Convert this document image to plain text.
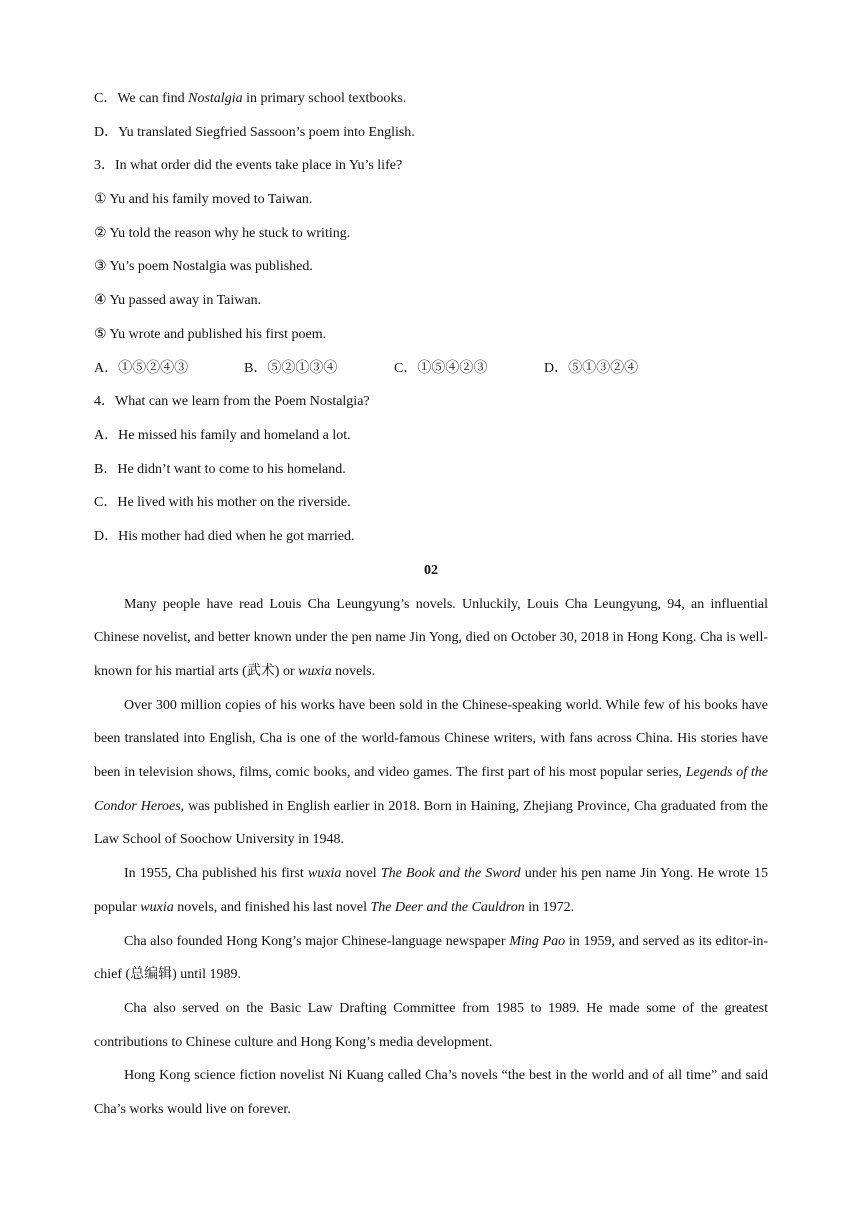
C．We can find Nostalgia in primary school textbooks.
D．Yu translated Siegfried Sassoon’s poem into English.
3．In what order did the events take place in Yu’s life?
① Yu and his family moved to Taiwan.
② Yu told the reason why he stuck to writing.
③ Yu’s poem Nostalgia was published.
④ Yu passed away in Taiwan.
⑤ Yu wrote and published his first poem.
A．①⑤②④③	B．⑤②①③④	C．①⑤④②③	D．⑤①③②④
4．What can we learn from the Poem Nostalgia?
A．He missed his family and homeland a lot.
B．He didn’t want to come to his homeland.
C．He lived with his mother on the riverside.
D．His mother had died when he got married.
02

Many people have read Louis Cha Leungyung’s novels. Unluckily, Louis Cha Leungyung, 94, an influential Chinese novelist, and better known under the pen name Jin Yong, died on October 30, 2018 in Hong Kong. Cha is well-known for his martial arts (武术) or wuxia novels.

Over 300 million copies of his works have been sold in the Chinese-speaking world. While few of his books have been translated into English, Cha is one of the world-famous Chinese writers, with fans across China. His stories have been in television shows, films, comic books, and video games. The first part of his most popular series, Legends of the Condor Heroes, was published in English earlier in 2018. Born in Haining, Zhejiang Province, Cha graduated from the Law School of Soochow University in 1948.

In 1955, Cha published his first wuxia novel The Book and the Sword under his pen name Jin Yong. He wrote 15 popular wuxia novels, and finished his last novel The Deer and the Cauldron in 1972.

Cha also founded Hong Kong’s major Chinese-language newspaper Ming Pao in 1959, and served as its editor-in-chief (总编辑) until 1989.

Cha also served on the Basic Law Drafting Committee from 1985 to 1989. He made some of the greatest contributions to Chinese culture and Hong Kong’s media development.

Hong Kong science fiction novelist Ni Kuang called Cha’s novels “the best in the world and of all time” and said Cha’s works would live on forever.
